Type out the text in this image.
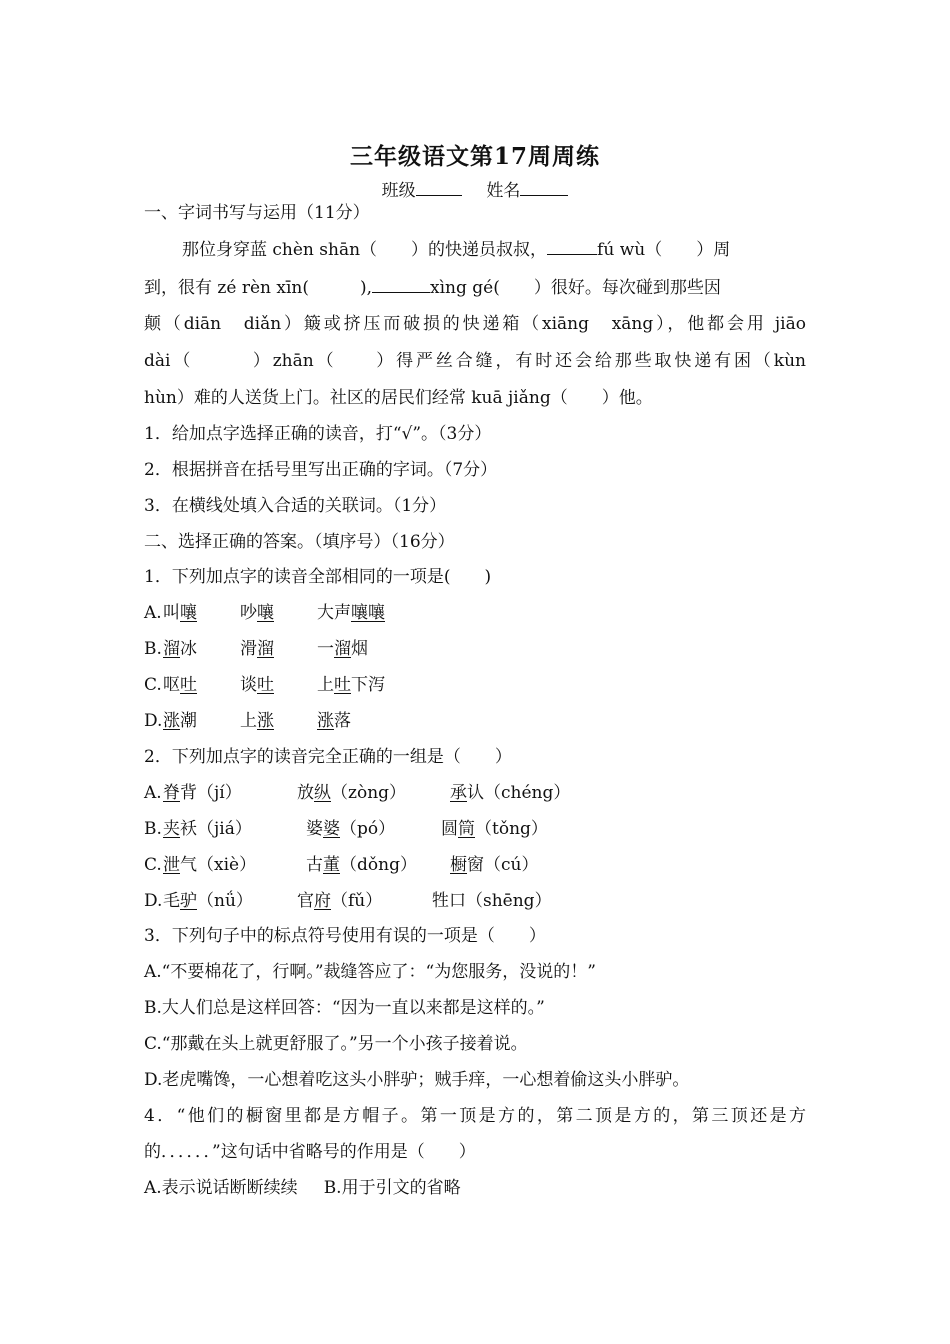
三年级语文第17周周练
班级	姓名
一、字词书写与运用（11分）
那位身穿蓝 chèn shān（　　）的快递员叔叔，	fú wù（　　）周
到，很有 zé rèn xīn(　　　),	xìng gé(　　）很好。每次碰到那些因
颠（diān　diǎn）簸或挤压而破损的快递箱（xiāng　xāng），他都会用 jiāo
dài（　　　）zhān（　　）得严丝合缝，有时还会给那些取快递有困（kùn
hùn）难的人送货上门。社区的居民们经常 kuā jiǎng（　　）他。
1．给加点字选择正确的读音，打“√”。（3分）
2．根据拼音在括号里写出正确的字词。（7分）
3．在横线处填入合适的关联词。（1分）
二、选择正确的答案。（填序号）（16分）
1．下列加点字的读音全部相同的一项是(　　)
A. 叫嚷	吵嚷	大声嚷嚷
B. 溜冰	滑溜	一溜烟
C. 呕吐	谈吐	上吐下泻
D. 涨潮	上涨	涨落
2．下列加点字的读音完全正确的一组是（　　）
A. 脊背（jí）	放纵（zòng）	承认（chéng）
B. 夹袄（jiá）	婆婆（pó）	圆筒（tǒng）
C. 泄气（xiè）	古董（dǒng） 橱窗（cú）
D. 毛驴（nǘ）	官府（fǔ）	牲口（shēng）
3．下列句子中的标点符号使用有误的一项是（　　）
A.“不要棉花了，行啊。”裁缝答应了：“为您服务，没说的！”
B.大人们总是这样回答：“因为一直以来都是这样的。”
C.“那戴在头上就更舒服了。”另一个小孩子接着说。
D.老虎嘴馋，一心想着吃这头小胖驴；贼手痒，一心想着偷这头小胖驴。
4．“他们的橱窗里都是方帽子。第一顶是方的，第二顶是方的，第三顶还是方
的．．．．．．”这句话中省略号的作用是（　　）
A.表示说话断断续续 B.用于引文的省略
